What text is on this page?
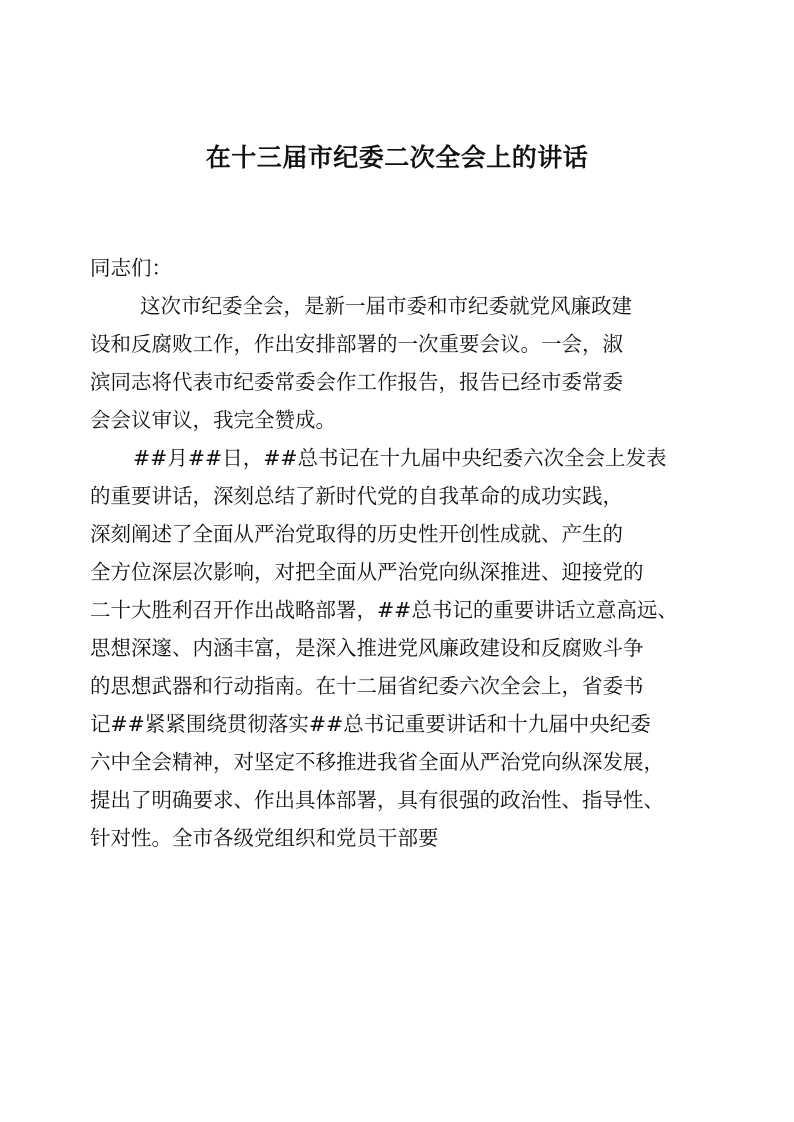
在十三届市纪委二次全会上的讲话

同志们：

这次市纪委全会，是新一届市委和市纪委就党风廉政建

设和反腐败工作，作出安排部署的一次重要会议。一会，淑

滨同志将代表市纪委常委会作工作报告，报告已经市委常委

会会议审议，我完全赞成。

##月##日，##总书记在十九届中央纪委六次全会上发表

的重要讲话，深刻总结了新时代党的自我革命的成功实践，

深刻阐述了全面从严治党取得的历史性开创性成就、产生的

全方位深层次影响，对把全面从严治党向纵深推进、迎接党的

二十大胜利召开作出战略部署，##总书记的重要讲话立意高远、

思想深邃、内涵丰富，是深入推进党风廉政建设和反腐败斗争

的思想武器和行动指南。在十二届省纪委六次全会上，省委书

记##紧紧围绕贯彻落实##总书记重要讲话和十九届中央纪委

六中全会精神，对坚定不移推进我省全面从严治党向纵深发展，

提出了明确要求、作出具体部署，具有很强的政治性、指导性、

针对性。全市各级党组织和党员干部要
